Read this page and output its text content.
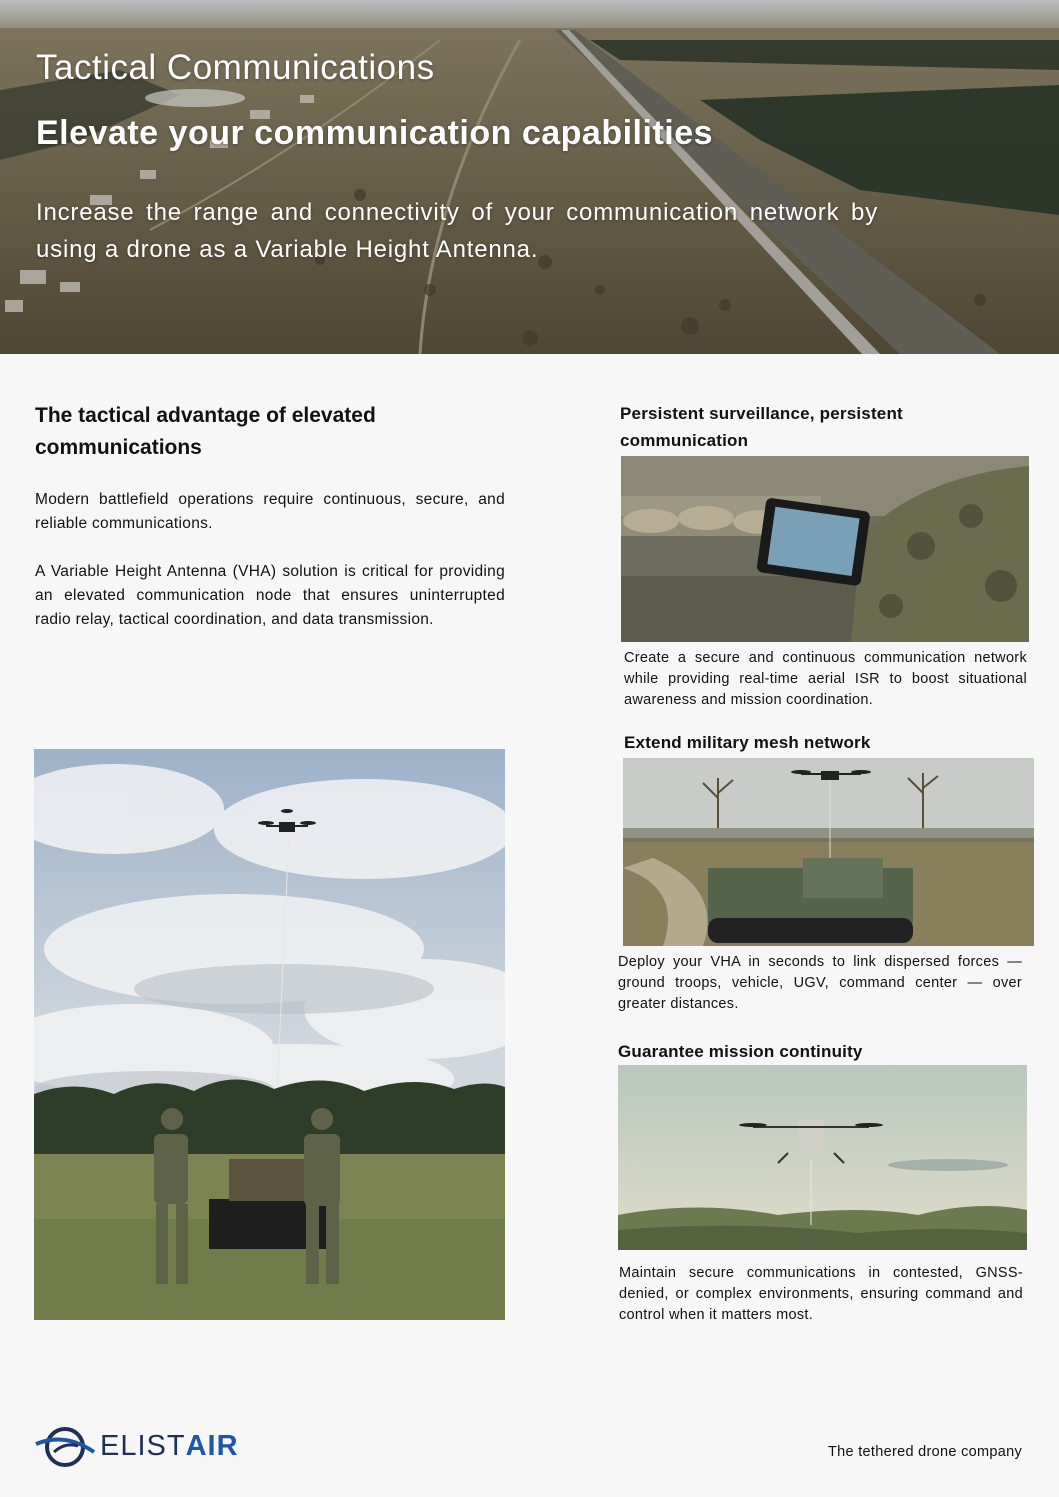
Tactical Communications
Elevate your communication capabilities
Increase the range and connectivity of your communication network by using a drone as a Variable Height Antenna.
The tactical advantage of elevated communications
Modern battlefield operations require continuous, secure, and reliable communications.
A Variable Height Antenna (VHA) solution is critical for providing an elevated communication node that ensures uninterrupted radio relay, tactical coordination, and data transmission.
Persistent surveillance, persistent communication
Create a secure and continuous communication network while providing real-time aerial ISR to boost situational awareness and mission coordination.
Extend military mesh network
Deploy your VHA in seconds to link dispersed forces — ground troops, vehicle, UGV, command center — over greater distances.
Guarantee mission continuity
Maintain secure communications in contested, GNSS-denied, or complex environments, ensuring command and control when it matters most.
ELISTAIR	The tethered drone company
